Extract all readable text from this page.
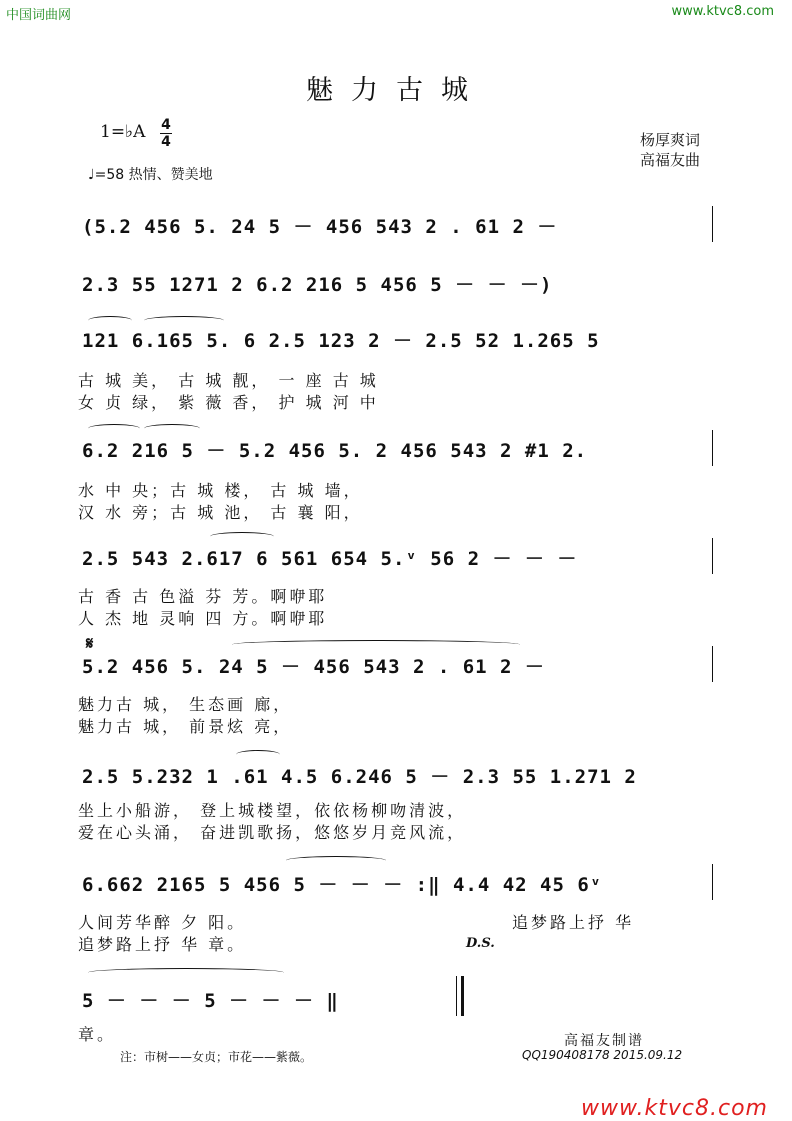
中国词曲网	www.ktvc8.com
魅力古城
1=♭A 4
4
♩=58 热情、赞美地
杨厚爽词
高福友曲
(5.2 456 5. 24 5 － 456 543 2 . 61 2 －
2.3 55 1271 2 6.2 216 5 456 5 － － －)
121 6.165 5. 6 2.5 123 2 － 2.5 52 1.265 5
6.2 216 5 － 5.2 456 5. 2 456 543 2 #1 2.
2.5 543 2.617 6 561 654 5.ᵛ 56 2 － － －
5.2 456 5. 24 5 － 456 543 2 . 61 2 －
2.5 5.232 1 .61 4.5 6.246 5 － 2.3 55 1.271 2
6.662 2165 5 456 5 － － － :‖ 4.4 42 45 6ᵛ
5 － － － 5 － － － ‖
古 城 美， 古 城 靓， 一 座 古 城
女 贞 绿， 紫 薇 香， 护 城 河 中
水 中 央；古 城 楼， 古 城 墙，
汉 水 旁；古 城 池， 古 襄 阳，
古 香 古 色溢 芬 芳。啊咿耶
人 杰 地 灵响 四 方。啊咿耶
魅力古 城， 生态画 廊，
魅力古 城， 前景炫 亮，
坐上小船游， 登上城楼望，依依杨柳吻清波，
爱在心头涌， 奋进凯歌扬，悠悠岁月竞风流，
人间芳华醉 夕 阳。
追梦路上抒 华 章。
追梦路上抒 华
章。
D.S.
𝄋
高福友制谱
注：市树——女贞；市花——紫薇。	QQ190408178 2015.09.12
www.ktvc8.com
